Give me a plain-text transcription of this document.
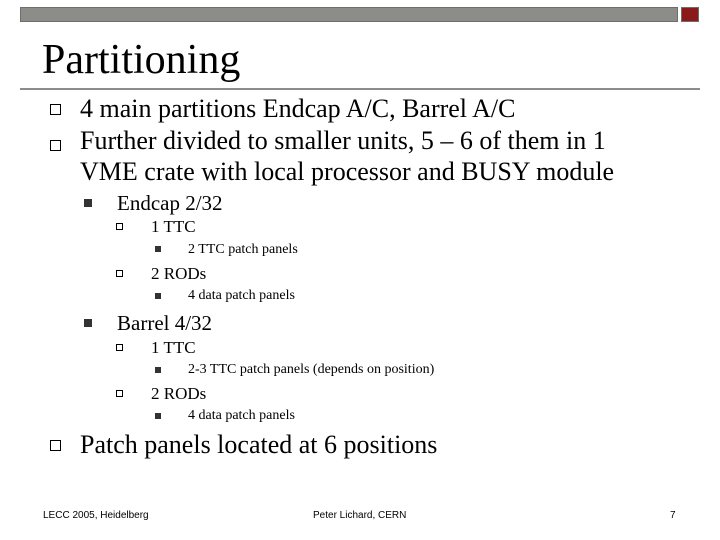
Partitioning
4 main partitions Endcap A/C, Barrel A/C
Further divided to smaller units, 5 – 6 of them in 1
VME crate with local processor and BUSY module
Endcap 2/32
1 TTC
2 TTC patch panels
2 RODs
4 data patch panels
Barrel 4/32
1 TTC
2-3 TTC patch panels (depends on position)
2 RODs
4 data patch panels
Patch panels located at 6 positions
LECC 2005, Heidelberg	Peter Lichard, CERN	7
